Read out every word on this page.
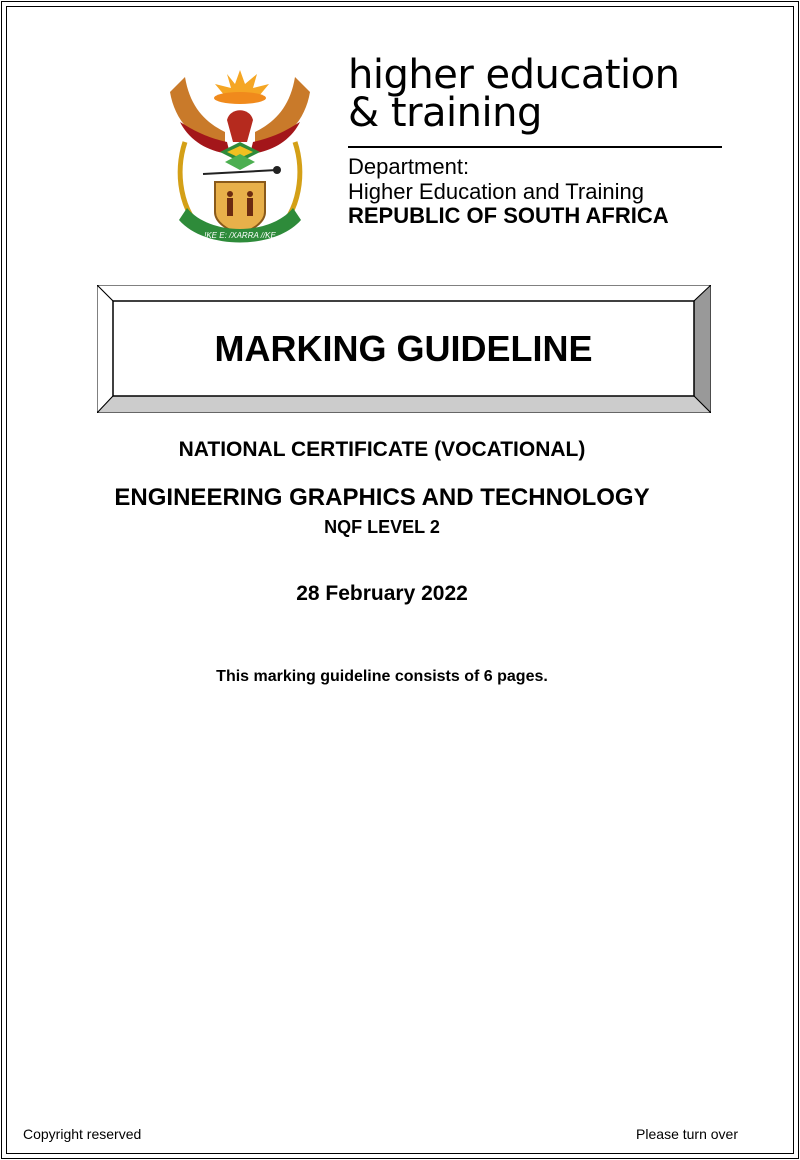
!KE E: /XARRA //KE
higher education
& training
Department:
Higher Education and Training
REPUBLIC OF SOUTH AFRICA
MARKING GUIDELINE
NATIONAL CERTIFICATE (VOCATIONAL)
ENGINEERING GRAPHICS AND TECHNOLOGY
NQF LEVEL 2
28 February 2022
This marking guideline consists of 6 pages.
Copyright reserved	Please turn over
